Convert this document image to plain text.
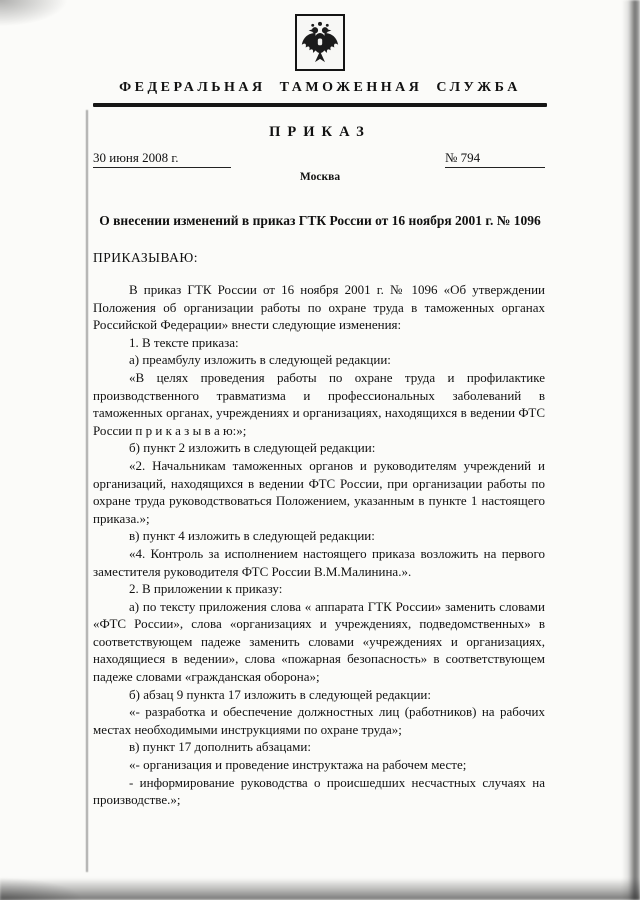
ФЕДЕРАЛЬНАЯ ТАМОЖЕННАЯ СЛУЖБА
ПРИКАЗ
30 июня 2008 г.	№ 794
Москва
О внесении изменений в приказ ГТК России от 16 ноября 2001 г. № 1096
ПРИКАЗЫВАЮ:

В приказ ГТК России от 16 ноября 2001 г. № 1096 «Об утверждении Положения об организации работы по охране труда в таможенных органах Российской Федерации» внести следующие изменения:

1. В тексте приказа:

а) преамбулу изложить в следующей редакции:

«В целях проведения работы по охране труда и профилактике производственного травматизма и профессиональных заболеваний в таможенных органах, учреждениях и организациях, находящихся в ведении ФТС России п р и к а з ы в а ю:»;

б) пункт 2 изложить в следующей редакции:

«2. Начальникам таможенных органов и руководителям учреждений и организаций, находящихся в ведении ФТС России, при организации работы по охране труда руководствоваться Положением, указанным в пункте 1 настоящего приказа.»;

в) пункт 4 изложить в следующей редакции:

«4. Контроль за исполнением настоящего приказа возложить на первого заместителя руководителя ФТС России В.М.Малинина.».

2. В приложении к приказу:

а) по тексту приложения слова « аппарата ГТК России» заменить словами «ФТС России», слова «организациях и учреждениях, подведомственных» в соответствующем падеже заменить словами «учреждениях и организациях, находящиеся в ведении», слова «пожарная безопасность» в соответствующем падеже словами «гражданская оборона»;

б) абзац 9 пункта 17 изложить в следующей редакции:

«- разработка и обеспечение должностных лиц (работников) на рабочих местах необходимыми инструкциями по охране труда»;

в) пункт 17 дополнить абзацами:

«- организация и проведение инструктажа на рабочем месте;

- информирование руководства о происшедших несчастных случаях на производстве.»;
